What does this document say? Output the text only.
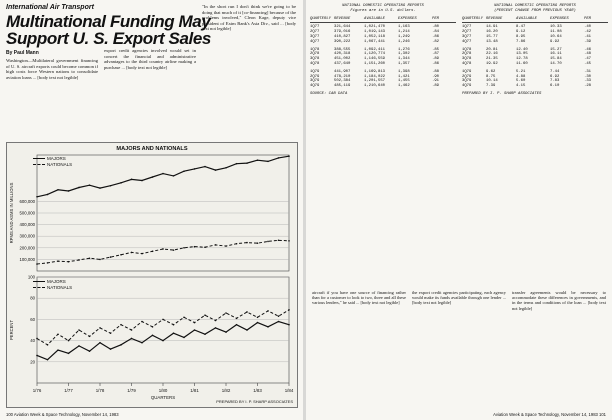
International Air Transport
Multinational Funding May
Support U. S. Export Sales
By Paul Mann

Washington—Multilateral government financing of U. S. aircraft exports could become common if high costs force Western nations to consolidate aviation loans ... [body text not legible]

export credit agencies involved would set in concert the financial and administrative advantages to the third country airline making a purchase ... [body text not legible]

"In the short run I don't think we're going to be doing that much of it [co-financing] because of the problems involved," Cleon Kage, deputy vice president of Exim Bank's Asia Div., said ... [body text not legible]

100,000
200,000
300,000
400,000
500,000
600,000
RPMS AND ASMS IN MILLIONS
20
40
60
80
100
PERCENT
1/76	1/77	1/78	1/79	1/80	1/81	1/82	1/83	1/84
QUARTERS
MAJORS AND NATIONALS
MAJORS
NATIONALS
MAJORS
NATIONALS
PREPARED BY I. P. SHARP ASSOCIATES

100 Aviation Week & Space Technology, November 14, 1983
NATIONAL DOMESTIC OPERATING REPORTS
Figures are in U.S. dollars.
QUARTERLY REVENUE	AVAILABLE	EXPENSES	PER
1Q77	321,644	1,021,470	1,163	.80
2Q77	379,016	1,019,143	1,214	.84
3Q77	410,827	1,052,118	1,249	.86
4Q77	390,222	1,067,441	1,246	.82
1Q78	388,555	1,092,411	1,276	.85
2Q78	420,318	1,120,774	1,302	.87
3Q78	451,002	1,146,559	1,344	.89
4Q78	437,640	1,151,260	1,357	.86
1Q79	441,907	1,169,813	1,398	.88
2Q79	478,210	1,184,022	1,421	.90
3Q79	502,384	1,201,557	1,455	.91
4Q79	485,119	1,210,640	1,462	.89
SOURCE: CAB DATA
NATIONAL DOMESTIC OPERATING REPORTS
(PERCENT CHANGE FROM PREVIOUS YEAR)
QUARTERLY REVENUE	AVAILABLE	EXPENSES	PER
1Q77	14.91	8.47	10.33	.40
2Q77	16.20	9.12	11.08	.42
3Q77	15.77	8.95	10.64	.41
4Q77	13.48	7.86	9.92	.39
1Q78	20.81	12.40	15.27	.46
2Q78	22.16	13.05	16.11	.48
3Q78	21.35	12.78	15.84	.47
4Q78	19.92	11.60	14.70	.45
1Q79	9.62	5.21	7.44	.31
2Q79	8.75	4.88	6.92	.30
3Q79	10.14	5.60	7.83	.33
4Q79	7.39	4.15	6.10	.28
PREPARED BY I. P. SHARP ASSOCIATES

aircraft if you have one source of financing rather than for a customer to look to two, three and all these various lenders," he said ... [body text not legible]

the export credit agencies participating, each agency would make its funds available through one lender ... [body text not legible]

transfer agreements would be necessary to accommodate these differences in governments, and in the terms and conditions of the loan ... [body text not legible]

Aviation Week & Space Technology, November 14, 1983 101
